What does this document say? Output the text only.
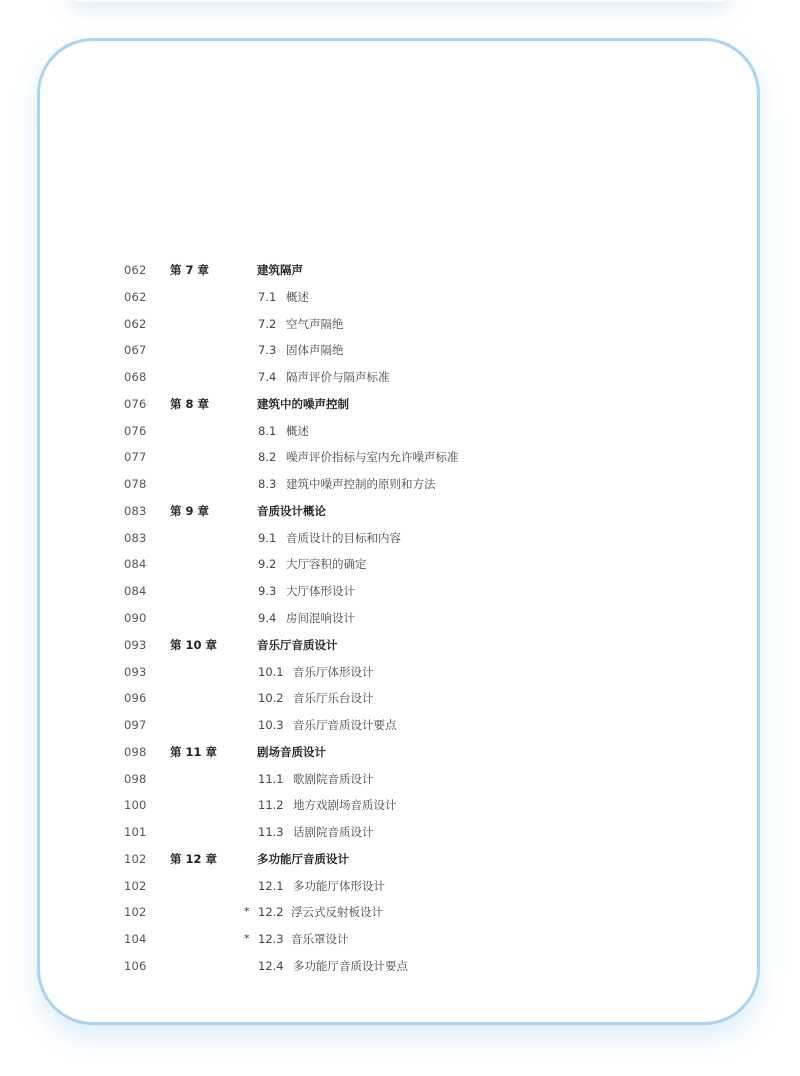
062 第 7 章	建筑隔声
062	7.1 概述
062	7.2 空气声隔绝
067	7.3 固体声隔绝
068	7.4 隔声评价与隔声标准
076 第 8 章	建筑中的噪声控制
076	8.1 概述
077	8.2 噪声评价指标与室内允许噪声标准
078	8.3 建筑中噪声控制的原则和方法
083 第 9 章	音质设计概论
083	9.1 音质设计的目标和内容
084	9.2 大厅容积的确定
084	9.3 大厅体形设计
090	9.4 房间混响设计
093 第 10 章	音乐厅音质设计
093	10.1 音乐厅体形设计
096	10.2 音乐厅乐台设计
097	10.3 音乐厅音质设计要点
098 第 11 章	剧场音质设计
098	11.1 歌剧院音质设计
100	11.2 地方戏剧场音质设计
101	11.3 话剧院音质设计
102 第 12 章	多功能厅音质设计
102	12.1 多功能厅体形设计
102	* 12.2 浮云式反射板设计
104	* 12.3 音乐罩设计
106	12.4 多功能厅音质设计要点
